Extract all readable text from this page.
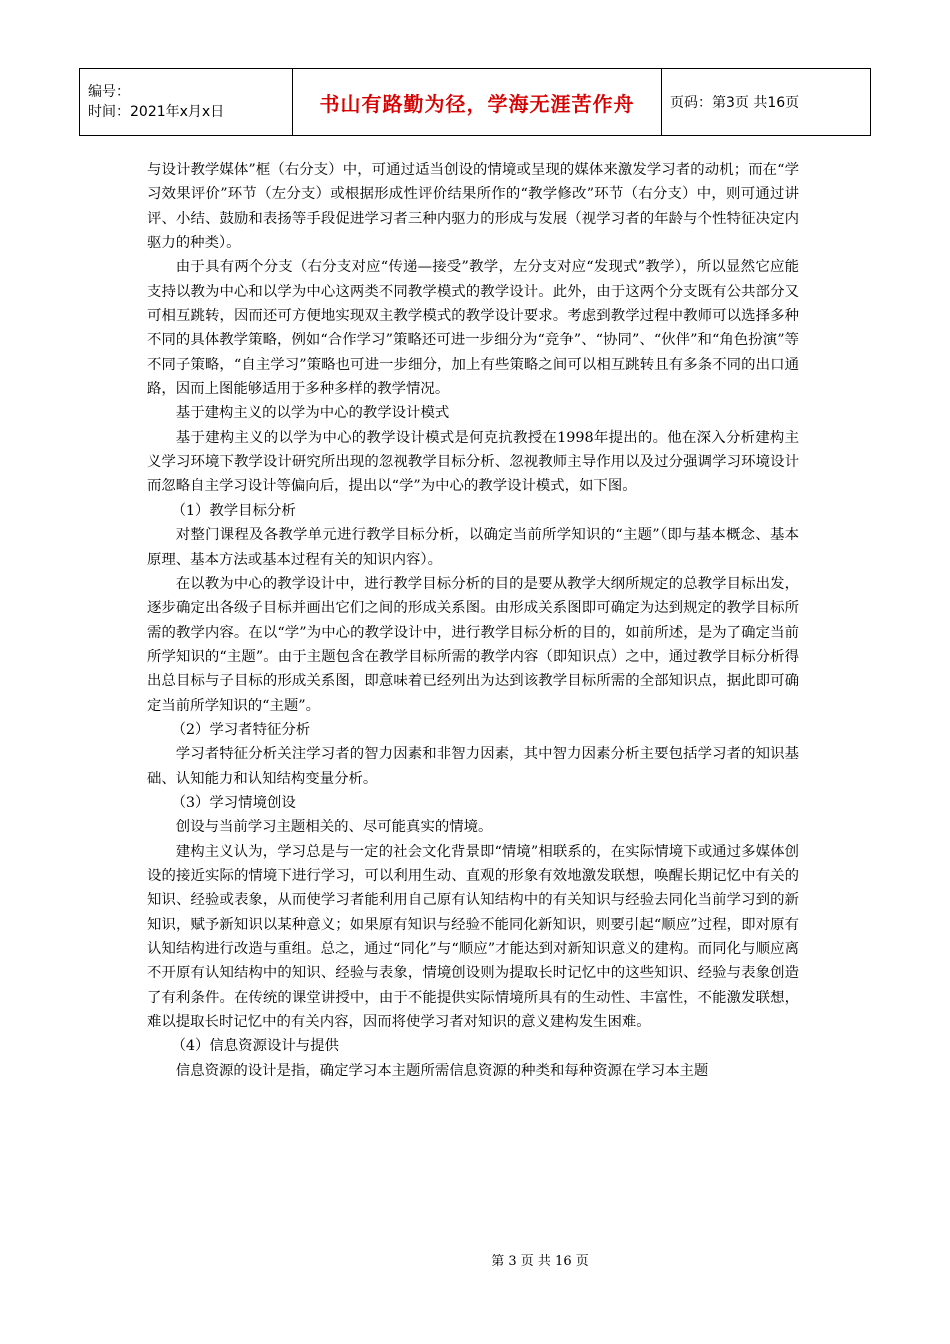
编号：
时间：2021年x月x日	书山有路勤为径，学海无涯苦作舟	页码：第3页 共16页

与设计教学媒体”框（右分支）中，可通过适当创设的情境或呈现的媒体来激发学习者的动机；而在“学习效果评价”环节（左分支）或根据形成性评价结果所作的“教学修改”环节（右分支）中，则可通过讲评、小结、鼓励和表扬等手段促进学习者三种内驱力的形成与发展（视学习者的年龄与个性特征决定内驱力的种类）。

由于具有两个分支（右分支对应“传递—接受”教学，左分支对应“发现式”教学），所以显然它应能支持以教为中心和以学为中心这两类不同教学模式的教学设计。此外，由于这两个分支既有公共部分又可相互跳转，因而还可方便地实现双主教学模式的教学设计要求。考虑到教学过程中教师可以选择多种不同的具体教学策略，例如“合作学习”策略还可进一步细分为“竞争”、“协同”、“伙伴”和“角色扮演”等不同子策略，“自主学习”策略也可进一步细分，加上有些策略之间可以相互跳转且有多条不同的出口通路，因而上图能够适用于多种多样的教学情况。

基于建构主义的以学为中心的教学设计模式

基于建构主义的以学为中心的教学设计模式是何克抗教授在1998年提出的。他在深入分析建构主义学习环境下教学设计研究所出现的忽视教学目标分析、忽视教师主导作用以及过分强调学习环境设计而忽略自主学习设计等偏向后，提出以“学”为中心的教学设计模式，如下图。

（1）教学目标分析

对整门课程及各教学单元进行教学目标分析，以确定当前所学知识的“主题”（即与基本概念、基本原理、基本方法或基本过程有关的知识内容）。

在以教为中心的教学设计中，进行教学目标分析的目的是要从教学大纲所规定的总教学目标出发，逐步确定出各级子目标并画出它们之间的形成关系图。由形成关系图即可确定为达到规定的教学目标所需的教学内容。在以“学”为中心的教学设计中，进行教学目标分析的目的，如前所述，是为了确定当前所学知识的“主题”。由于主题包含在教学目标所需的教学内容（即知识点）之中，通过教学目标分析得出总目标与子目标的形成关系图，即意味着已经列出为达到该教学目标所需的全部知识点，据此即可确定当前所学知识的“主题”。

（2）学习者特征分析

学习者特征分析关注学习者的智力因素和非智力因素，其中智力因素分析主要包括学习者的知识基础、认知能力和认知结构变量分析。

（3）学习情境创设

创设与当前学习主题相关的、尽可能真实的情境。

建构主义认为，学习总是与一定的社会文化背景即“情境”相联系的，在实际情境下或通过多媒体创设的接近实际的情境下进行学习，可以利用生动、直观的形象有效地激发联想，唤醒长期记忆中有关的知识、经验或表象，从而使学习者能利用自己原有认知结构中的有关知识与经验去同化当前学习到的新知识，赋予新知识以某种意义；如果原有知识与经验不能同化新知识，则要引起“顺应”过程，即对原有认知结构进行改造与重组。总之，通过“同化”与“顺应”才能达到对新知识意义的建构。而同化与顺应离不开原有认知结构中的知识、经验与表象，情境创设则为提取长时记忆中的这些知识、经验与表象创造了有利条件。在传统的课堂讲授中，由于不能提供实际情境所具有的生动性、丰富性，不能激发联想，难以提取长时记忆中的有关内容，因而将使学习者对知识的意义建构发生困难。

（4）信息资源设计与提供

信息资源的设计是指，确定学习本主题所需信息资源的种类和每种资源在学习本主题

第 3 页 共 16 页
